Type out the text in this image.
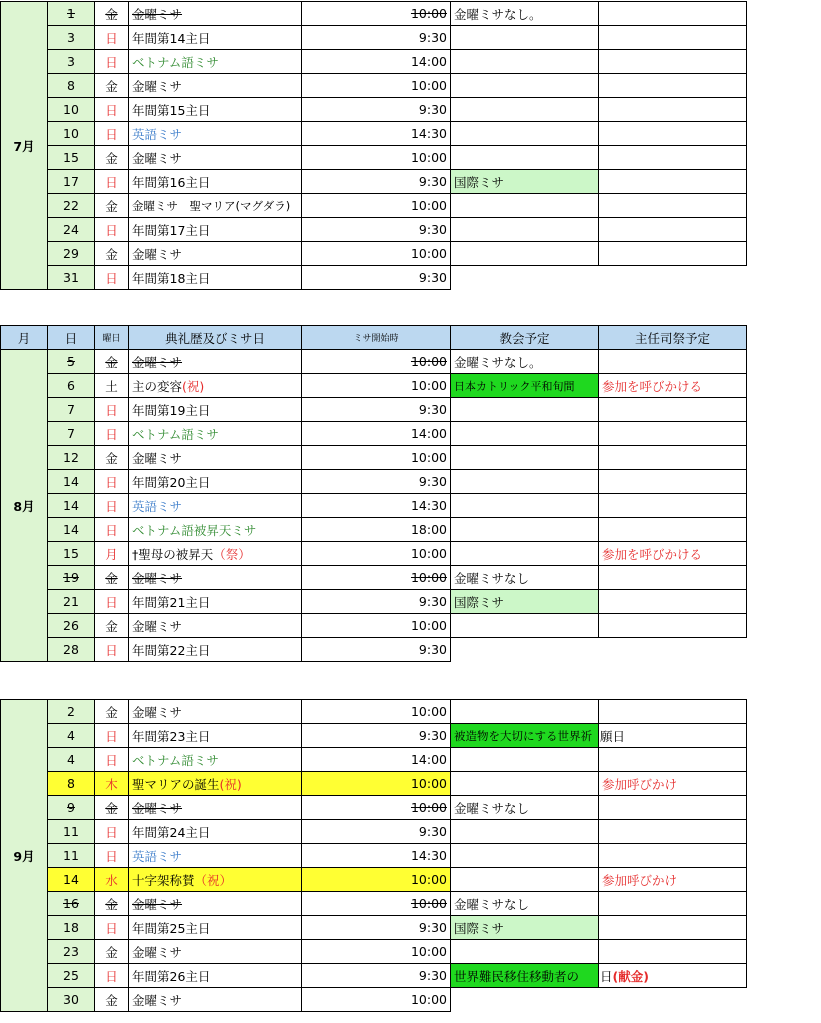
7月	1	金	金曜ミサ	10:00	金曜ミサなし。	
	3	日	年間第14主日	9:30		
	3	日	ベトナム語ミサ	14:00		
	8	金	金曜ミサ	10:00		
	10	日	年間第15主日	9:30		
	10	日	英語ミサ	14:30		
	15	金	金曜ミサ	10:00		
	17	日	年間第16主日	9:30	国際ミサ	
	22	金	金曜ミサ　聖マリア(マグダラ)	10:00		
	24	日	年間第17主日	9:30		
	29	金	金曜ミサ	10:00		
	31	日	年間第18主日	9:30		
月	日	曜日	典礼歴及びミサ日	ミサ開始時	教会予定	主任司祭予定
8月	5	金	金曜ミサ	10:00	金曜ミサなし。	
	6	土	主の変容(祝)	10:00	日本カトリック平和旬間	参加を呼びかける
	7	日	年間第19主日	9:30		
	7	日	ベトナム語ミサ	14:00		
	12	金	金曜ミサ	10:00		
	14	日	年間第20主日	9:30		
	14	日	英語ミサ	14:30		
	14	日	ベトナム語被昇天ミサ	18:00		
	15	月	†聖母の被昇天（祭）	10:00		参加を呼びかける
	19	金	金曜ミサ	10:00	金曜ミサなし	
	21	日	年間第21主日	9:30	国際ミサ	
	26	金	金曜ミサ	10:00		
	28	日	年間第22主日	9:30		
9月	2	金	金曜ミサ	10:00		
	4	日	年間第23主日	9:30	被造物を大切にする世界祈	願日
	4	日	ベトナム語ミサ	14:00		
	8	木	聖マリアの誕生(祝)	10:00		参加呼びかけ
	9	金	金曜ミサ	10:00	金曜ミサなし	
	11	日	年間第24主日	9:30		
	11	日	英語ミサ	14:30		
	14	水	十字架称賛（祝）	10:00		参加呼びかけ
	16	金	金曜ミサ	10:00	金曜ミサなし	
	18	日	年間第25主日	9:30	国際ミサ	
	23	金	金曜ミサ	10:00		
	25	日	年間第26主日	9:30	世界難民移住移動者の	日(献金)
	30	金	金曜ミサ	10:00		
